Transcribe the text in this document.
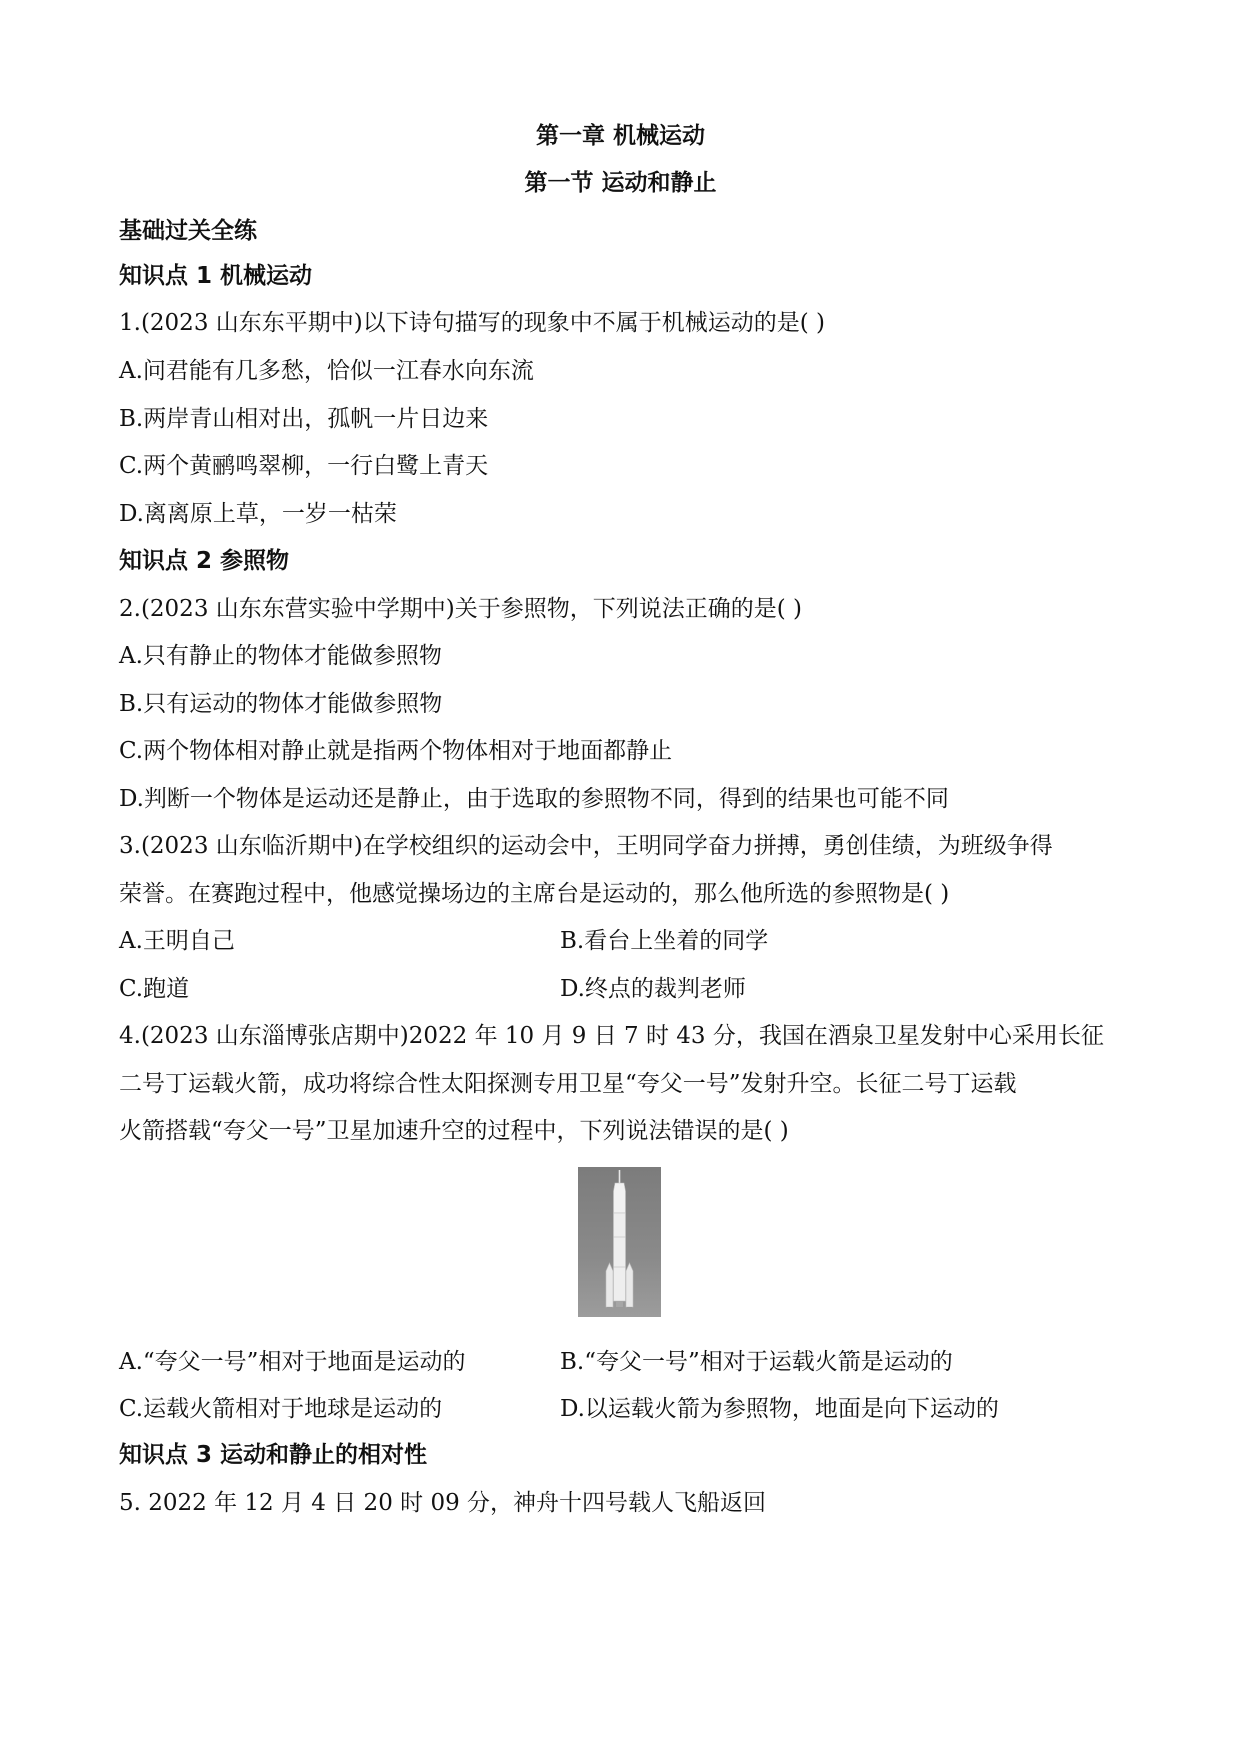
第一章 机械运动
第一节 运动和静止
基础过关全练
知识点 1 机械运动
1.(2023 山东东平期中)以下诗句描写的现象中不属于机械运动的是( )
A.问君能有几多愁，恰似一江春水向东流
B.两岸青山相对出，孤帆一片日边来
C.两个黄鹂鸣翠柳，一行白鹭上青天
D.离离原上草，一岁一枯荣
知识点 2 参照物
2.(2023 山东东营实验中学期中)关于参照物，下列说法正确的是( )
A.只有静止的物体才能做参照物
B.只有运动的物体才能做参照物
C.两个物体相对静止就是指两个物体相对于地面都静止
D.判断一个物体是运动还是静止，由于选取的参照物不同，得到的结果也可能不同
3.(2023 山东临沂期中)在学校组织的运动会中，王明同学奋力拼搏，勇创佳绩，为班级争得
荣誉。在赛跑过程中，他感觉操场边的主席台是运动的，那么他所选的参照物是( )
A.王明自己	B.看台上坐着的同学
C.跑道	D.终点的裁判老师
4.(2023 山东淄博张店期中)2022 年 10 月 9 日 7 时 43 分，我国在酒泉卫星发射中心采用长征
二号丁运载火箭，成功将综合性太阳探测专用卫星“夸父一号”发射升空。长征二号丁运载
火箭搭载“夸父一号”卫星加速升空的过程中，下列说法错误的是( )
A.“夸父一号”相对于地面是运动的	B.“夸父一号”相对于运载火箭是运动的
C.运载火箭相对于地球是运动的	D.以运载火箭为参照物，地面是向下运动的
知识点 3 运动和静止的相对性
5. 2022 年 12 月 4 日 20 时 09 分，神舟十四号载人飞船返回
